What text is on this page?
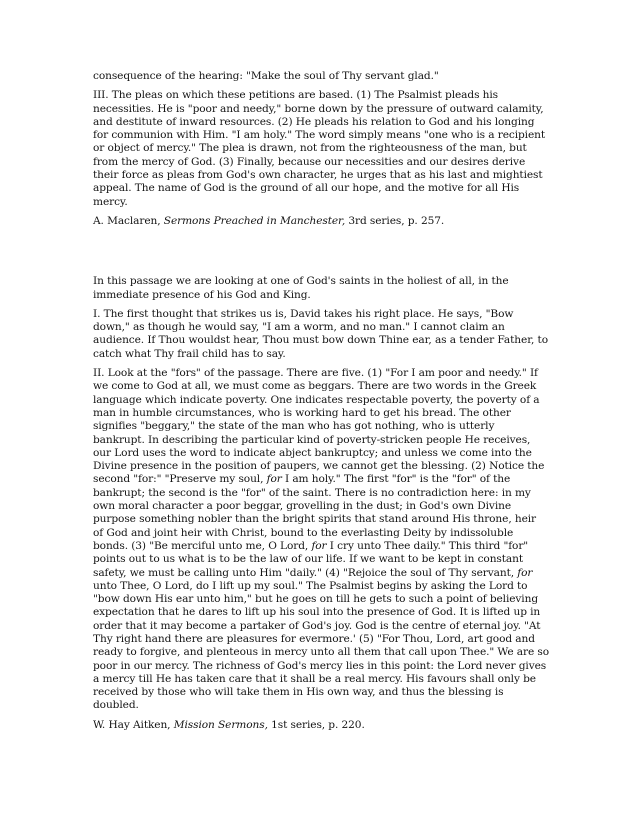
consequence of the hearing: "Make the soul of Thy servant glad."

III. The pleas on which these petitions are based. (1) The Psalmist pleads his necessities. He is "poor and needy," borne down by the pressure of outward calamity, and destitute of inward resources. (2) He pleads his relation to God and his longing for communion with Him. "I am holy." The word simply means "one who is a recipient or object of mercy." The plea is drawn, not from the righteousness of the man, but from the mercy of God. (3) Finally, because our necessities and our desires derive their force as pleas from God's own character, he urges that as his last and mightiest appeal. The name of God is the ground of all our hope, and the motive for all His mercy.

A. Maclaren, Sermons Preached in Manchester, 3rd series, p. 257.

In this passage we are looking at one of God's saints in the holiest of all, in the immediate presence of his God and King.

I. The first thought that strikes us is, David takes his right place. He says, "Bow down," as though he would say, "I am a worm, and no man." I cannot claim an audience. If Thou wouldst hear, Thou must bow down Thine ear, as a tender Father, to catch what Thy frail child has to say.

II. Look at the "fors" of the passage. There are five. (1) "For I am poor and needy." If we come to God at all, we must come as beggars. There are two words in the Greek language which indicate poverty. One indicates respectable poverty, the poverty of a man in humble circumstances, who is working hard to get his bread. The other signifies "beggary," the state of the man who has got nothing, who is utterly bankrupt. In describing the particular kind of poverty-stricken people He receives, our Lord uses the word to indicate abject bankruptcy; and unless we come into the Divine presence in the position of paupers, we cannot get the blessing. (2) Notice the second "for:" "Preserve my soul, for I am holy." The first "for" is the "for" of the bankrupt; the second is the "for" of the saint. There is no contradiction here: in my own moral character a poor beggar, grovelling in the dust; in God's own Divine purpose something nobler than the bright spirits that stand around His throne, heir of God and joint heir with Christ, bound to the everlasting Deity by indissoluble bonds. (3) "Be merciful unto me, O Lord, for I cry unto Thee daily." This third "for" points out to us what is to be the law of our life. If we want to be kept in constant safety, we must be calling unto Him "daily." (4) "Rejoice the soul of Thy servant, for unto Thee, O Lord, do I lift up my soul." The Psalmist begins by asking the Lord to "bow down His ear unto him," but he goes on till he gets to such a point of believing expectation that he dares to lift up his soul into the presence of God. It is lifted up in order that it may become a partaker of God's joy. God is the centre of eternal joy. "At Thy right hand there are pleasures for evermore.' (5) "For Thou, Lord, art good and ready to forgive, and plenteous in mercy unto all them that call upon Thee." We are so poor in our mercy. The richness of God's mercy lies in this point: the Lord never gives a mercy till He has taken care that it shall be a real mercy. His favours shall only be received by those who will take them in His own way, and thus the blessing is doubled.

W. Hay Aitken, Mission Sermons, 1st series, p. 220.
